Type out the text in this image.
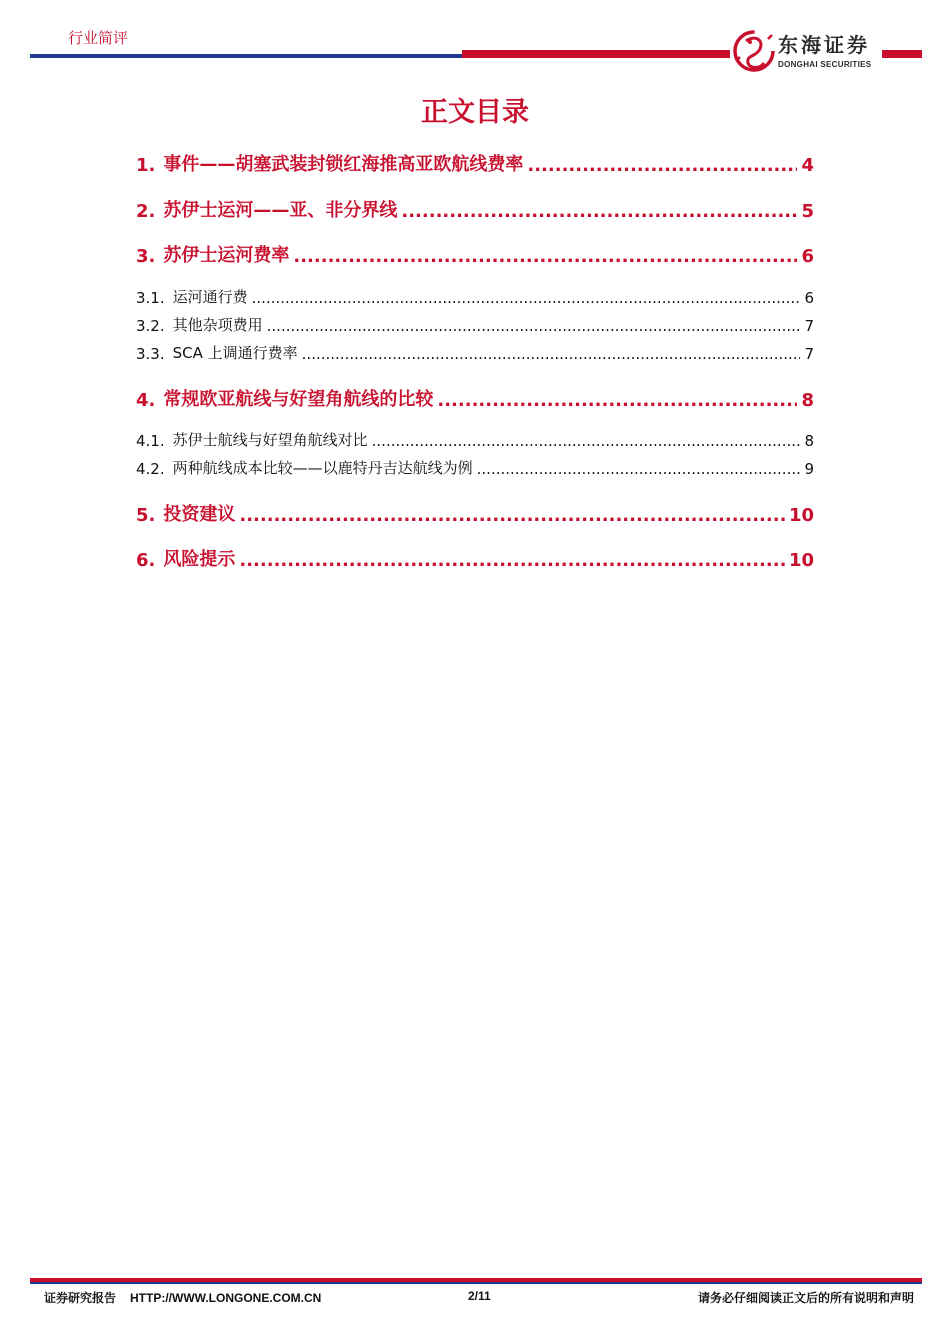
行业简评	东海证券
DONGHAI SECURITIES
正文目录
1. 事件——胡塞武装封锁红海推高亚欧航线费率 .....	4
2. 苏伊士运河——亚、非分界线 .....	5
3. 苏伊士运河费率 .....	6
3.1. 运河通行费 .....	6
3.2. 其他杂项费用 .....	7
3.3. SCA 上调通行费率 .....	7
4. 常规欧亚航线与好望角航线的比较 .....	8
4.1. 苏伊士航线与好望角航线对比 .....	8
4.2. 两种航线成本比较——以鹿特丹吉达航线为例 .....	9
5. 投资建议 .....	10
6. 风险提示 .....	10
证券研究报告 HTTP://WWW.LONGONE.COM.CN	2/11	请务必仔细阅读正文后的所有说明和声明
